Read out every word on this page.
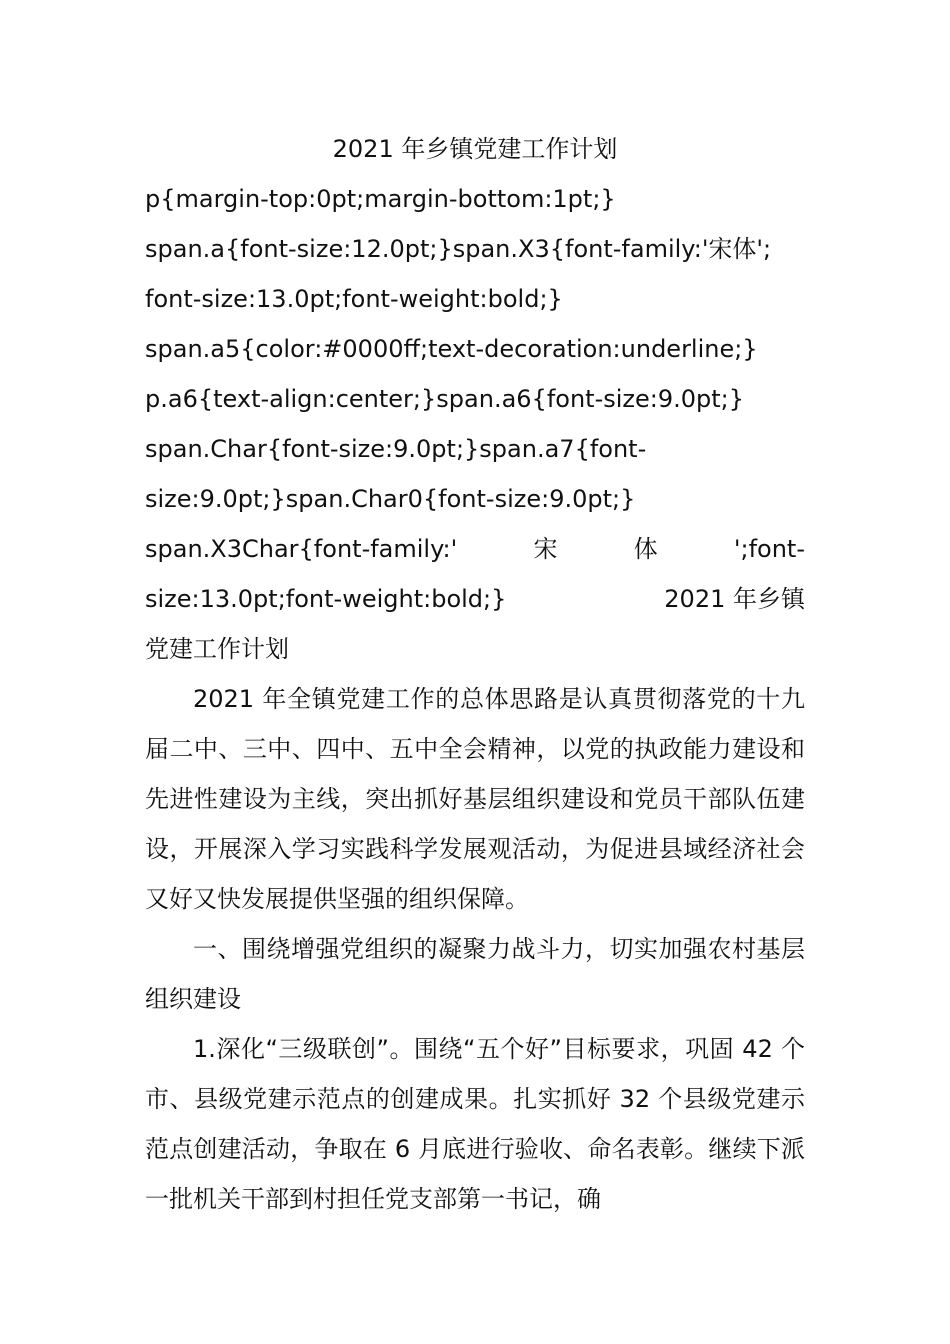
2021 年乡镇党建工作计划

p{margin-top:0pt;margin-bottom:1pt;}
span.a{font-size:12.0pt;}span.X3{font-family:'宋体';
font-size:13.0pt;font-weight:bold;}
span.a5{color:#0000ff;text-decoration:underline;}
p.a6{text-align:center;}span.a6{font-size:9.0pt;}
span.Char{font-size:9.0pt;}span.a7{font-
size:9.0pt;}span.Char0{font-size:9.0pt;}
span.X3Char{font-family:'	宋	体	';font-
size:13.0pt;font-weight:bold;}	2021 年乡镇
党建工作计划

2021 年全镇党建工作的总体思路是认真贯彻落党的十九届二中、三中、四中、五中全会精神，以党的执政能力建设和先进性建设为主线，突出抓好基层组织建设和党员干部队伍建设，开展深入学习实践科学发展观活动，为促进县域经济社会又好又快发展提供坚强的组织保障。

一、围绕增强党组织的凝聚力战斗力，切实加强农村基层组织建设

1.深化“三级联创”。围绕“五个好”目标要求，巩固 42 个市、县级党建示范点的创建成果。扎实抓好 32 个县级党建示范点创建活动，争取在 6 月底进行验收、命名表彰。继续下派一批机关干部到村担任党支部第一书记，确
